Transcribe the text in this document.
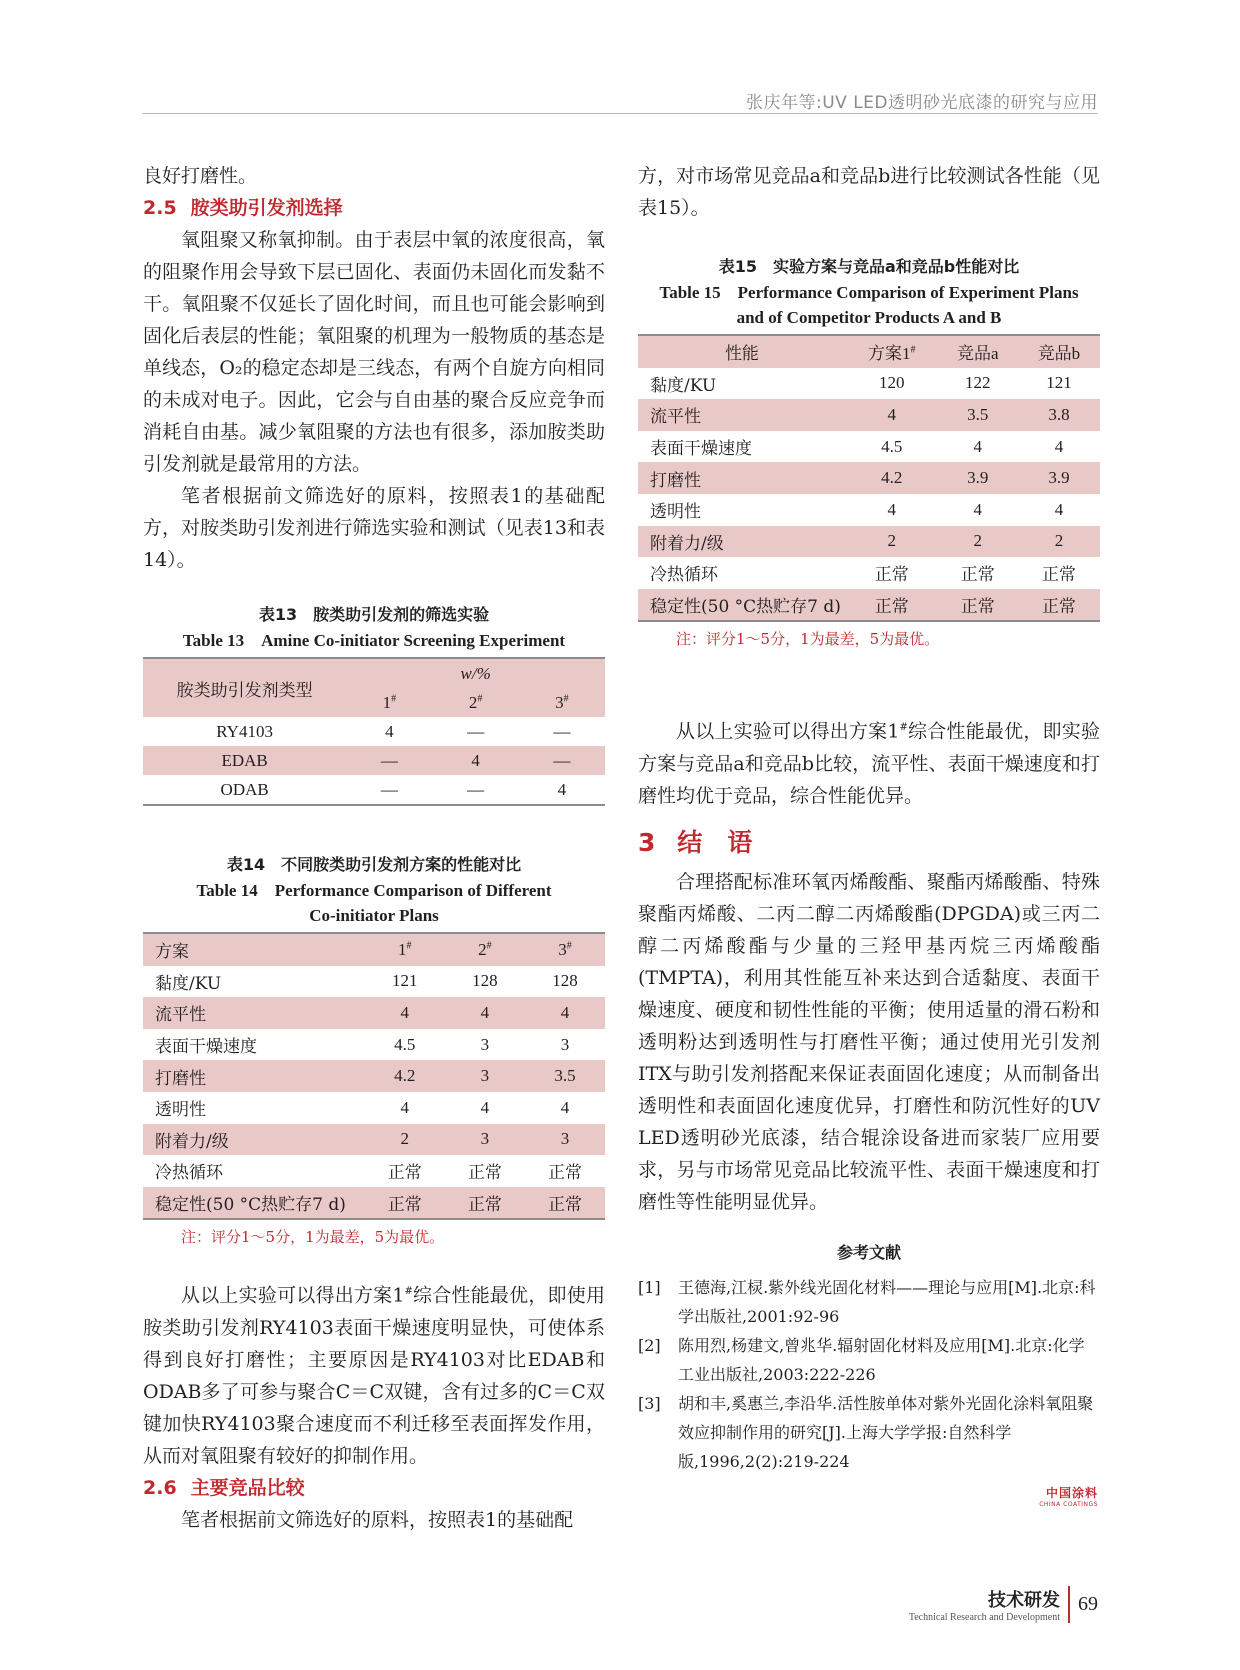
张庆年等:UV LED透明砂光底漆的研究与应用

良好打磨性。

2.5 胺类助引发剂选择

氧阻聚又称氧抑制。由于表层中氧的浓度很高，氧的阻聚作用会导致下层已固化、表面仍未固化而发黏不干。氧阻聚不仅延长了固化时间，而且也可能会影响到固化后表层的性能；氧阻聚的机理为一般物质的基态是单线态，O₂的稳定态却是三线态，有两个自旋方向相同的未成对电子。因此，它会与自由基的聚合反应竞争而消耗自由基。减少氧阻聚的方法也有很多，添加胺类助引发剂就是最常用的方法。

笔者根据前文筛选好的原料，按照表1的基础配方，对胺类助引发剂进行筛选实验和测试（见表13和表14）。

表13　胺类助引发剂的筛选实验

Table 13　Amine Co-initiator Screening Experiment

胺类助引发剂类型	w/%		
	1#	2#	3#
RY4103	4	—	—
EDAB	—	4	—
ODAB	—	—	4

表14　不同胺类助引发剂方案的性能对比

Table 14　Performance Comparison of Different

Co-initiator Plans

方案	1#	2#	3#
黏度/KU	121	128	128
流平性	4	4	4
表面干燥速度	4.5	3	3
打磨性	4.2	3	3.5
透明性	4	4	4
附着力/级	2	3	3
冷热循环	正常	正常	正常
稳定性(50 °C热贮存7 d)	正常	正常	正常

注：评分1～5分，1为最差，5为最优。

从以上实验可以得出方案1#综合性能最优，即使用胺类助引发剂RY4103表面干燥速度明显快，可使体系得到良好打磨性；主要原因是RY4103对比EDAB和ODAB多了可参与聚合C＝C双键，含有过多的C＝C双键加快RY4103聚合速度而不利迁移至表面挥发作用，从而对氧阻聚有较好的抑制作用。

2.6 主要竞品比较

笔者根据前文筛选好的原料，按照表1的基础配

方，对市场常见竞品a和竞品b进行比较测试各性能（见表15）。

表15　实验方案与竞品a和竞品b性能对比

Table 15　Performance Comparison of Experiment Plans

and of Competitor Products A and B

性能	方案1#	竞品a	竞品b
黏度/KU	120	122	121
流平性	4	3.5	3.8
表面干燥速度	4.5	4	4
打磨性	4.2	3.9	3.9
透明性	4	4	4
附着力/级	2	2	2
冷热循环	正常	正常	正常
稳定性(50 °C热贮存7 d)	正常	正常	正常

注：评分1～5分，1为最差，5为最优。

从以上实验可以得出方案1#综合性能最优，即实验方案与竞品a和竞品b比较，流平性、表面干燥速度和打磨性均优于竞品，综合性能优异。

3 结　语

合理搭配标准环氧丙烯酸酯、聚酯丙烯酸酯、特殊聚酯丙烯酸、二丙二醇二丙烯酸酯(DPGDA)或三丙二醇二丙烯酸酯与少量的三羟甲基丙烷三丙烯酸酯(TMPTA)，利用其性能互补来达到合适黏度、表面干燥速度、硬度和韧性性能的平衡；使用适量的滑石粉和透明粉达到透明性与打磨性平衡；通过使用光引发剂ITX与助引发剂搭配来保证表面固化速度；从而制备出透明性和表面固化速度优异，打磨性和防沉性好的UV LED透明砂光底漆，结合辊涂设备进而家装厂应用要求，另与市场常见竞品比较流平性、表面干燥速度和打磨性等性能明显优异。

参考文献

[1]	王德海,江棂.紫外线光固化材料——理论与应用[M].北京:科学出版社,2001:92-96
[2]	陈用烈,杨建文,曾兆华.辐射固化材料及应用[M].北京:化学工业出版社,2003:222-226
[3]	胡和丰,奚惠兰,李沿华.活性胺单体对紫外光固化涂料氧阻聚效应抑制作用的研究[J].上海大学学报:自然科学版,1996,2(2):219-224
中国涂料
CHINA COATINGS
技术研发
Technical Research and Development
69
